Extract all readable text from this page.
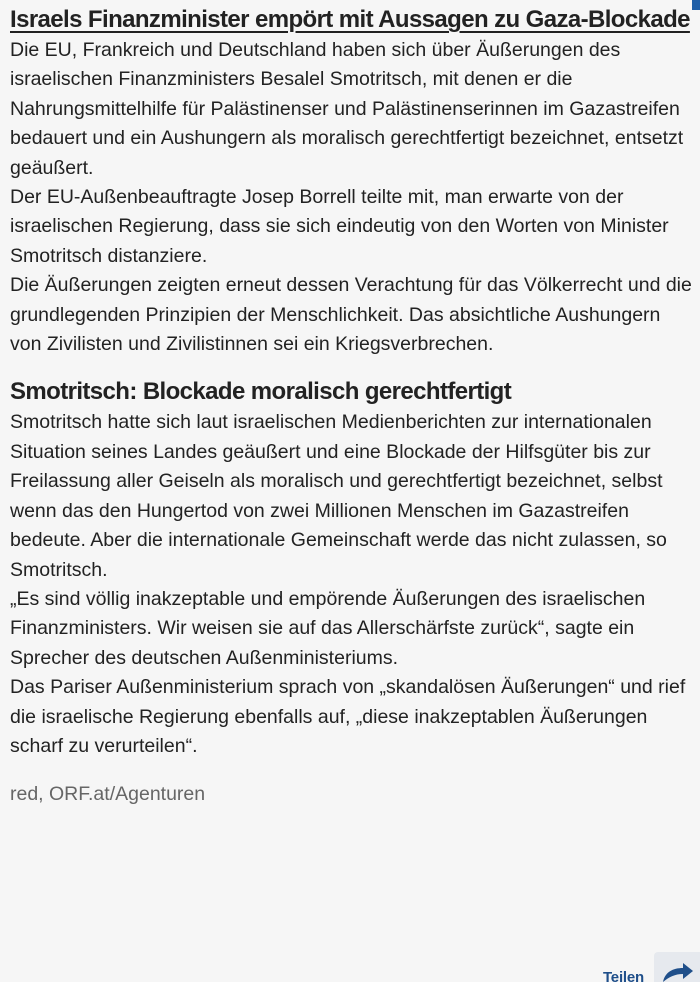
Israels Finanzminister empört mit Aussagen zu Gaza-Blockade

Die EU, Frankreich und Deutschland haben sich über Äußerungen des israelischen Finanzministers Besalel Smotritsch, mit denen er die Nahrungsmittelhilfe für Palästinenser und Palästinenserinnen im Gazastreifen bedauert und ein Aushungern als moralisch gerechtfertigt bezeichnet, entsetzt geäußert.

Der EU-Außenbeauftragte Josep Borrell teilte mit, man erwarte von der israelischen Regierung, dass sie sich eindeutig von den Worten von Minister Smotritsch distanziere.

Die Äußerungen zeigten erneut dessen Verachtung für das Völkerrecht und die grundlegenden Prinzipien der Menschlichkeit. Das absichtliche Aushungern von Zivilisten und Zivilistinnen sei ein Kriegsverbrechen.

Smotritsch: Blockade moralisch gerechtfertigt

Smotritsch hatte sich laut israelischen Medienberichten zur internationalen Situation seines Landes geäußert und eine Blockade der Hilfsgüter bis zur Freilassung aller Geiseln als moralisch und gerechtfertigt bezeichnet, selbst wenn das den Hungertod von zwei Millionen Menschen im Gazastreifen bedeute. Aber die internationale Gemeinschaft werde das nicht zulassen, so Smotritsch.

„Es sind völlig inakzeptable und empörende Äußerungen des israelischen Finanzministers. Wir weisen sie auf das Allerschärfste zurück“, sagte ein Sprecher des deutschen Außenministeriums.

Das Pariser Außenministerium sprach von „skandalösen Äußerungen“ und rief die israelische Regierung ebenfalls auf, „diese inakzeptablen Äußerungen scharf zu verurteilen“.

red, ORF.at/Agenturen

Teilen
